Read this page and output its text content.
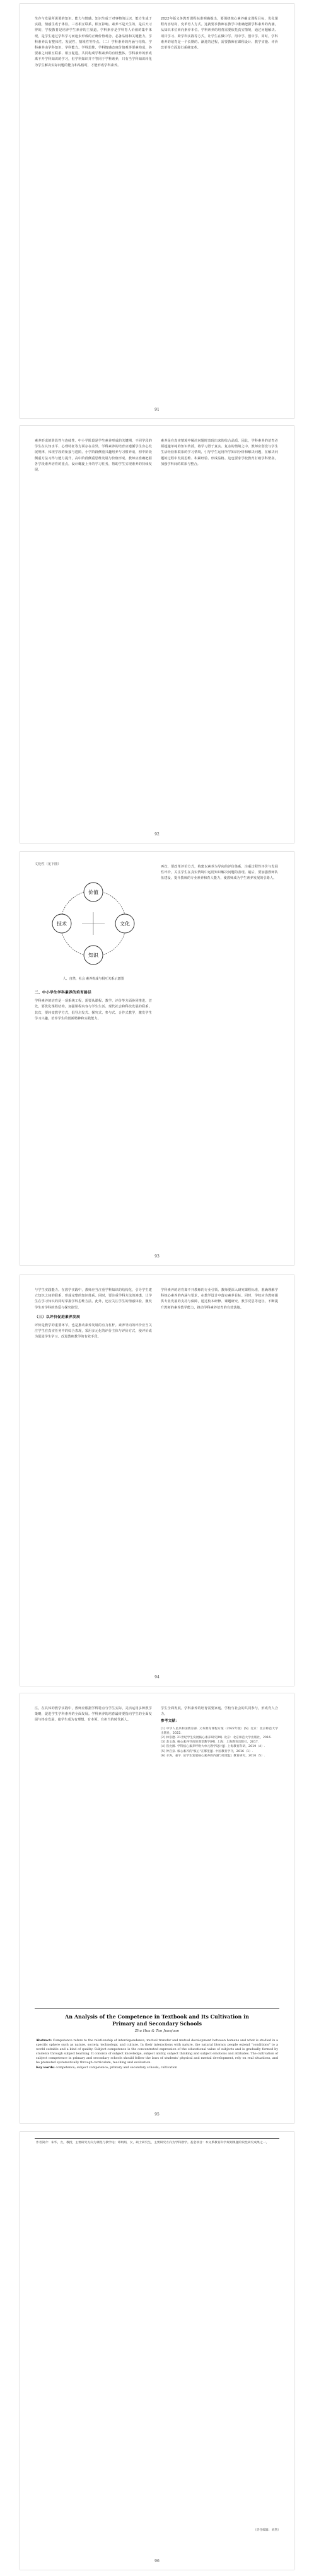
生存与发展所需要的知识、能力与情感。知识生成于对事物的认识，能力生成于实践，情感生成于体验，三者相互联系，相互影响。素养不是天生的，是后天习得的，学校教育是培养学生素养的主渠道。学科素养是学科育人价值的集中体现，是学生通过学科学习而逐步形成的正确价值观念、必备品格和关键能力。学科素养具有整体性、发展性、情境性等特点。（二）学科素养的内涵与结构。学科素养由学科知识、学科能力、学科思维、学科情感态度价值观等要素构成，各要素之间相互联系、相互促进，共同构成学科素养的有机整体。学科素养的形成离不开学科知识的学习，但学科知识并不等同于学科素养，只有当学科知识转化为学生解决实际问题的能力和品格时，才能形成学科素养。
2022年版义务教育课程标准明确提出，要围绕核心素养确定课程目标，优化课程内容结构，变革育人方式。这就要求教师在教学中准确把握学科素养的内涵，从知识本位转向素养本位。学科素养的培育需要依托真实情境，通过问题解决、项目学习、跨学科实践等方式，让学生在做中学、用中学、创中学。同时，学科素养的培育是一个长期的、渐进的过程，需要教师在课程设计、教学实施、评价改革等方面进行系统变革。
91
素养形成的阶段性与连续性。中小学阶段是学生素养形成的关键期，不同学段的学生在认知水平、心理特征等方面存在差异，学科素养的培育应遵循学生身心发展规律，体现学段的衔接与进阶。小学阶段侧重兴趣培养与习惯养成，初中阶段侧重方法习得与能力提升，高中阶段侧重思维发展与价值形成。教师应准确把握各学段素养培育的重点，设计螺旋上升的学习任务，帮助学生实现素养的持续发展。
素养是在真实情境中解决问题时表现出来的综合品质。因此，学科素养的培育必须超越单纯的知识传授，将学习置于真实、复杂的情境之中。教师应创设与学生生活经验相联系的学习情境，引导学生运用所学知识分析和解决问题，在解决问题的过程中发展思维、积累经验、形成品格。这也要求学校教育打破学科壁垒，加强学科间的联系与整合。
92
文化性（见下图）
价值
技术	文化
知识
人、自然、社会 素养构成与相互关系示意图
二、中小学生学科素养的培育路径
学科素养的培育是一项系统工程，需要从课程、教学、评价等方面协同推进。首先，要优化课程结构，加强课程内容与学生生活、现代社会和科技发展的联系。其次，要转变教学方式，倡导启发式、探究式、参与式、合作式教学，激发学生学习兴趣，培养学生的创新精神和实践能力。
再次，要改革评价方式，构建以素养为导向的评价体系，注重过程性评价与发展性评价，关注学生在真实情境中运用知识解决问题的表现。最后，要加强教师队伍建设，提升教师的专业素养和育人能力，使教师成为学生素养发展的引路人。
93
与学生实践能力。在教学实践中，教师应当注重学科知识的结构化，引导学生建立知识之间的联系，形成完整的知识体系。同时，要注重学科方法的渗透，让学生在学习知识的同时掌握学科思维方法。此外，还应关注学生的情感体验，激发学生对学科的热爱与探究欲望。
（三）以评价促进素养发展
评价是教学的重要环节，也是推动素养发展的有力杠杆。素养导向的评价应当关注学生在真实任务中的综合表现，采用多元化的评价主体与评价方式，使评价成为促进学生学习、改进教师教学的有效手段。
学科素养的培育离不开教师的专业引领。教师要深入研究课程标准，准确理解学科核心素养的内涵与要求，在教学设计中落实素养目标。同时，学校应为教师提供专业发展的支持与保障，通过校本研修、课题研究、教学反思等途径，不断提升教师的素养教学能力，推动学科素养培育的有效落地。
94
注，在具体的教学实践中，教师应根据学科特点与学生实际，灵活运用多种教学策略，促进学生学科素养的全面发展。学科素养的培育最终要指向学生的全面发展与终身发展，使学生成为有理想、有本领、有担当的时代新人。
学生全面发展。学科素养的培育需要家庭、学校与社会的共同参与，形成育人合力。
参考文献：
[1] 中华人民共和国教育部. 义务教育课程方案（2022年版）[S]. 北京：北京师范大学出版社，2022.
[2] 林崇德. 21世纪学生发展核心素养研究[M]. 北京：北京师范大学出版社，2016.
[3] 余文森. 核心素养导向的课堂教学[M]. 上海：上海教育出版社，2017.
[4] 崔允漷. 学科核心素养呼唤大单元教学设计[J]. 上海教育科研，2019（4）.
[5] 钟启泉. 核心素养的"核心"在哪里[J]. 中国教育学刊，2016（1）.
[6] 辛涛，姜宇. 论学生发展核心素养的内涵与框架[J]. 教育研究，2016（5）.
An Analysis of the Competence in Textbook and Its Cultivation in Primary and Secondary Schools
Zhu Hua & Tan Juanjuan
Abstract: Competence refers to the relationship of interdependence, mutual transfer and mutual development between humans and what is studied in a specific sphere such as nature, society, technology, and culture. In their interactions with nature, the natural literacy people extend "conditions" to a world suitable and a kind of quality. Subject competence is the concentrated expression of the educational value of subjects and is gradually formed by students through subject learning. It consists of subject knowledge, subject ability, subject thinking and subject emotions and attitudes. The cultivation of subject competence in primary and secondary schools should follow the laws of students' physical and mental development, rely on real situations, and be promoted systematically through curriculum, teaching and evaluation.
Key words: competence; subject competence; primary and secondary schools; cultivation
95
作者简介：朱华，女，教授，主要研究方向为课程与教学论；谭娟娟，女，硕士研究生，主要研究方向为学科教学。基金项目：本文系教育科学规划课题阶段性研究成果之一。
（责任编辑：刘然）
96
